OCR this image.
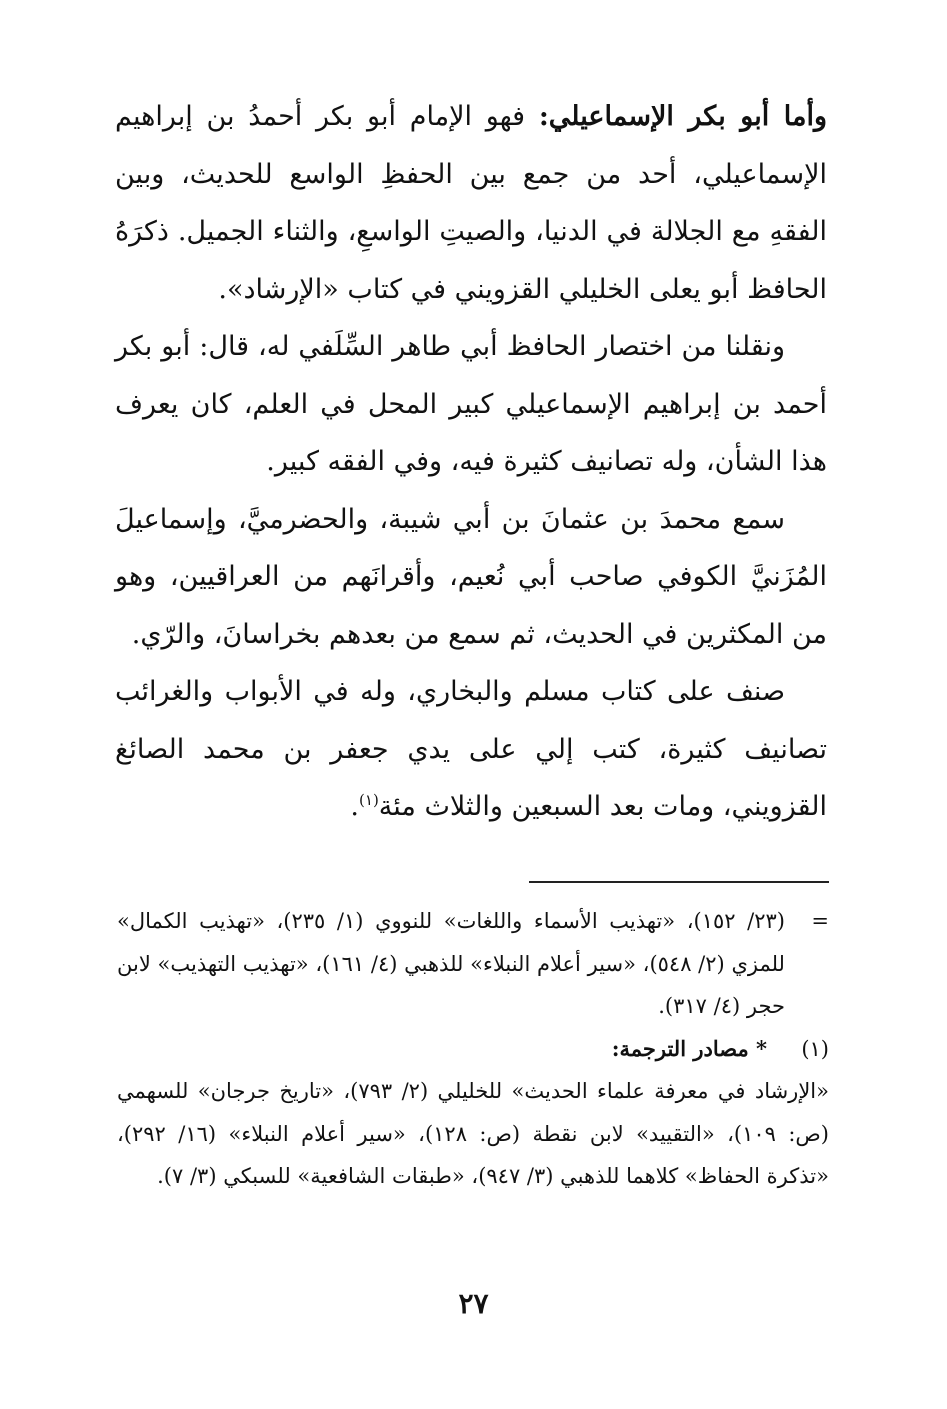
وأما أبو بكر الإسماعيلي: فهو الإمام أبو بكر أحمدُ بن إبراهيم الإسماعيلي، أحد من جمع بين الحفظِ الواسع للحديث، وبين الفقهِ مع الجلالة في الدنيا، والصيتِ الواسعِ، والثناء الجميل. ذكرَهُ الحافظ أبو يعلى الخليلي القزويني في كتاب «الإرشاد».

ونقلنا من اختصار الحافظ أبي طاهر السِّلَفي له، قال: أبو بكر أحمد بن إبراهيم الإسماعيلي كبير المحل في العلم، كان يعرف هذا الشأن، وله تصانيف كثيرة فيه، وفي الفقه كبير.

سمع محمدَ بن عثمانَ بن أبي شيبة، والحضرميَّ، وإسماعيلَ المُزَنيَّ الكوفي صاحب أبي نُعيم، وأقرانَهم من العراقيين، وهو من المكثرين في الحديث، ثم سمع من بعدهم بخراسانَ، والرّي.

صنف على كتاب مسلم والبخاري، وله في الأبواب والغرائب تصانيف كثيرة، كتب إلي على يدي جعفر بن محمد الصائغ القزويني، ومات بعد السبعين والثلاث مئة$^{(١)}$.

=
(٢٣/ ١٥٢)، «تهذيب الأسماء واللغات» للنووي (١/ ٢٣٥)، «تهذيب الكمال» للمزي (٢/ ٥٤٨)، «سير أعلام النبلاء» للذهبي (٤/ ١٦١)، «تهذيب التهذيب» لابن حجر (٤/ ٣١٧).
(١)* مصادر الترجمة:

«الإرشاد في معرفة علماء الحديث» للخليلي (٢/ ٧٩٣)، «تاريخ جرجان» للسهمي (ص: ١٠٩)، «التقييد» لابن نقطة (ص: ١٢٨)، «سير أعلام النبلاء» (١٦/ ٢٩٢)، «تذكرة الحفاظ» كلاهما للذهبي (٣/ ٩٤٧)، «طبقات الشافعية» للسبكي (٣/ ٧).

٢٧
